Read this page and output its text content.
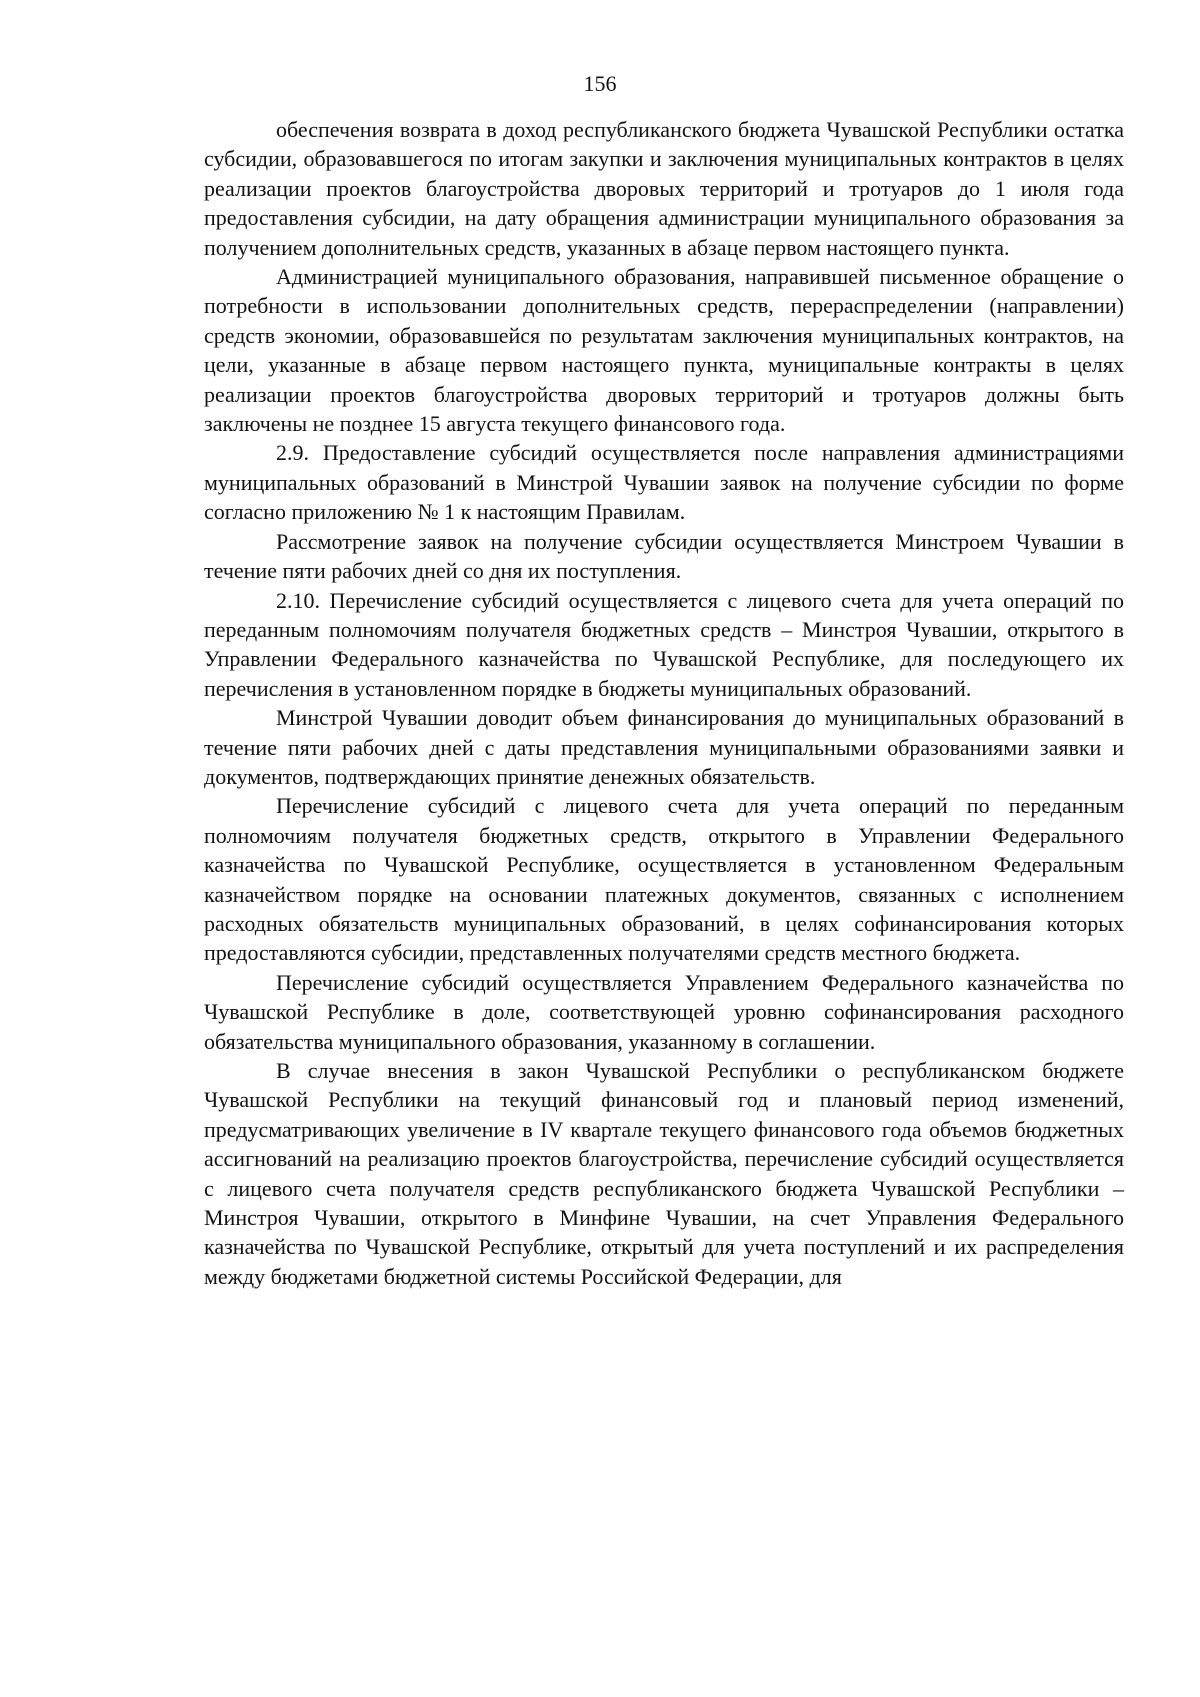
156

обеспечения возврата в доход республиканского бюджета Чувашской Республики остатка субсидии, образовавшегося по итогам закупки и заключения муниципальных контрактов в целях реализации проектов благоустройства дворовых территорий и тротуаров до 1 июля года предоставления субсидии, на дату обращения администрации муниципального образования за получением дополнительных средств, указанных в абзаце первом настоящего пункта.

Администрацией муниципального образования, направившей письменное обращение о потребности в использовании дополнительных средств, перераспределении (направлении) средств экономии, образовавшейся по результатам заключения муниципальных контрактов, на цели, указанные в абзаце первом настоящего пункта, муниципальные контракты в целях реализации проектов благоустройства дворовых территорий и тротуаров должны быть заключены не позднее 15 августа текущего финансового года.

2.9. Предоставление субсидий осуществляется после направления администрациями муниципальных образований в Минстрой Чувашии заявок на получение субсидии по форме согласно приложению № 1 к настоящим Правилам.

Рассмотрение заявок на получение субсидии осуществляется Минстроем Чувашии в течение пяти рабочих дней со дня их поступления.

2.10. Перечисление субсидий осуществляется с лицевого счета для учета операций по переданным полномочиям получателя бюджетных средств – Минстроя Чувашии, открытого в Управлении Федерального казначейства по Чувашской Республике, для последующего их перечисления в установленном порядке в бюджеты муниципальных образований.

Минстрой Чувашии доводит объем финансирования до муниципальных образований в течение пяти рабочих дней с даты представления муниципальными образованиями заявки и документов, подтверждающих принятие денежных обязательств.

Перечисление субсидий с лицевого счета для учета операций по переданным полномочиям получателя бюджетных средств, открытого в Управлении Федерального казначейства по Чувашской Республике, осуществляется в установленном Федеральным казначейством порядке на основании платежных документов, связанных с исполнением расходных обязательств муниципальных образований, в целях софинансирования которых предоставляются субсидии, представленных получателями средств местного бюджета.

Перечисление субсидий осуществляется Управлением Федерального казначейства по Чувашской Республике в доле, соответствующей уровню софинансирования расходного обязательства муниципального образования, указанному в соглашении.

В случае внесения в закон Чувашской Республики о республиканском бюджете Чувашской Республики на текущий финансовый год и плановый период изменений, предусматривающих увеличение в IV квартале текущего финансового года объемов бюджетных ассигнований на реализацию проектов благоустройства, перечисление субсидий осуществляется с лицевого счета получателя средств республиканского бюджета Чувашской Республики – Минстроя Чувашии, открытого в Минфине Чувашии, на счет Управления Федерального казначейства по Чувашской Республике, открытый для учета поступлений и их распределения между бюджетами бюджетной системы Российской Федерации, для
